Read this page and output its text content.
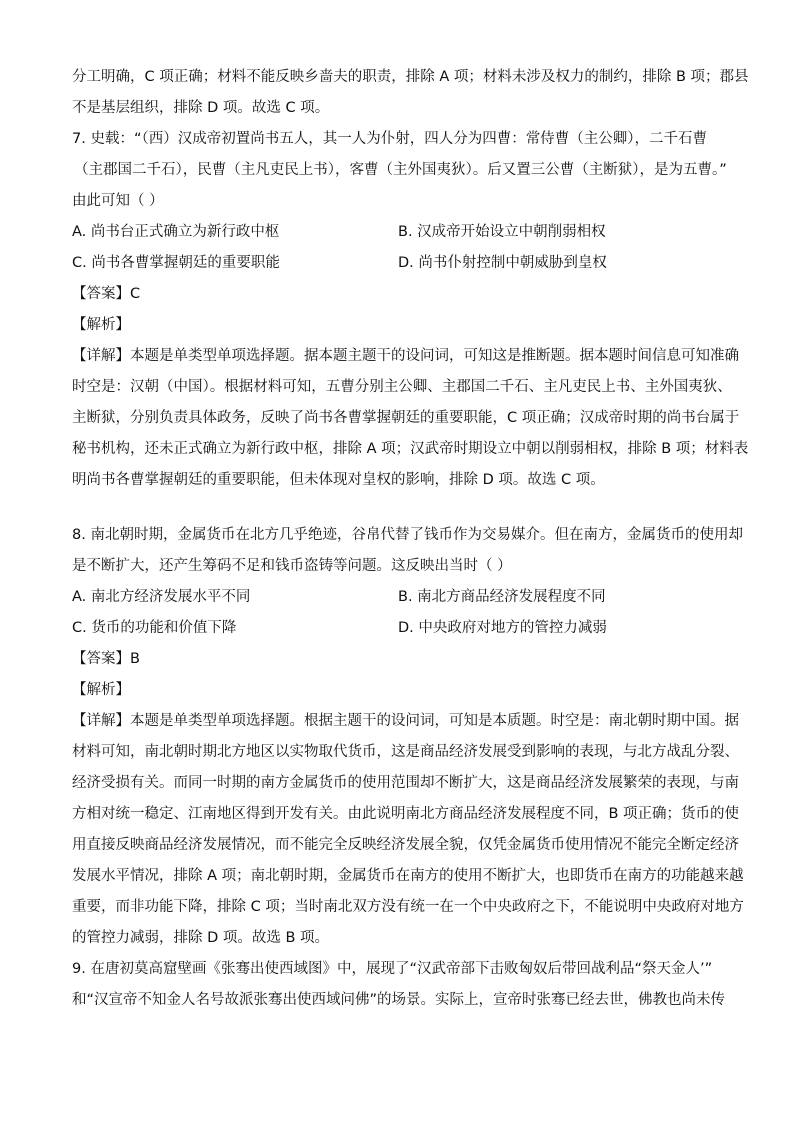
分工明确，C 项正确；材料不能反映乡啬夫的职责，排除 A 项；材料未涉及权力的制约，排除 B 项；郡县
不是基层组织，排除 D 项。故选 C 项。
7. 史载：“（西）汉成帝初置尚书五人，其一人为仆射，四人分为四曹：常侍曹（主公卿），二千石曹
（主郡国二千石），民曹（主凡吏民上书），客曹（主外国夷狄）。后又置三公曹（主断狱），是为五曹。”
由此可知（ ）
A. 尚书台正式确立为新行政中枢	B. 汉成帝开始设立中朝削弱相权
C. 尚书各曹掌握朝廷的重要职能	D. 尚书仆射控制中朝威胁到皇权
【答案】C
【解析】
【详解】本题是单类型单项选择题。据本题主题干的设问词，可知这是推断题。据本题时间信息可知准确
时空是：汉朝（中国）。根据材料可知，五曹分别主公卿、主郡国二千石、主凡吏民上书、主外国夷狄、
主断狱，分别负责具体政务，反映了尚书各曹掌握朝廷的重要职能，C 项正确；汉成帝时期的尚书台属于
秘书机构，还未正式确立为新行政中枢，排除 A 项；汉武帝时期设立中朝以削弱相权，排除 B 项；材料表
明尚书各曹掌握朝廷的重要职能，但未体现对皇权的影响，排除 D 项。故选 C 项。
8. 南北朝时期，金属货币在北方几乎绝迹，谷帛代替了钱币作为交易媒介。但在南方，金属货币的使用却
是不断扩大，还产生筹码不足和钱币盗铸等问题。这反映出当时（ ）
A. 南北方经济发展水平不同	B. 南北方商品经济发展程度不同
C. 货币的功能和价值下降	D. 中央政府对地方的管控力减弱
【答案】B
【解析】
【详解】本题是单类型单项选择题。根据主题干的设问词，可知是本质题。时空是：南北朝时期中国。据
材料可知，南北朝时期北方地区以实物取代货币，这是商品经济发展受到影响的表现，与北方战乱分裂、
经济受损有关。而同一时期的南方金属货币的使用范围却不断扩大，这是商品经济发展繁荣的表现，与南
方相对统一稳定、江南地区得到开发有关。由此说明南北方商品经济发展程度不同，B 项正确；货币的使
用直接反映商品经济发展情况，而不能完全反映经济发展全貌，仅凭金属货币使用情况不能完全断定经济
发展水平情况，排除 A 项；南北朝时期，金属货币在南方的使用不断扩大，也即货币在南方的功能越来越
重要，而非功能下降，排除 C 项；当时南北双方没有统一在一个中央政府之下，不能说明中央政府对地方
的管控力减弱，排除 D 项。故选 B 项。
9. 在唐初莫高窟壁画《张骞出使西域图》中，展现了“汉武帝部下击败匈奴后带回战利品“祭天金人’”
和“汉宣帝不知金人名号故派张骞出使西域问佛”的场景。实际上，宣帝时张骞已经去世，佛教也尚未传
